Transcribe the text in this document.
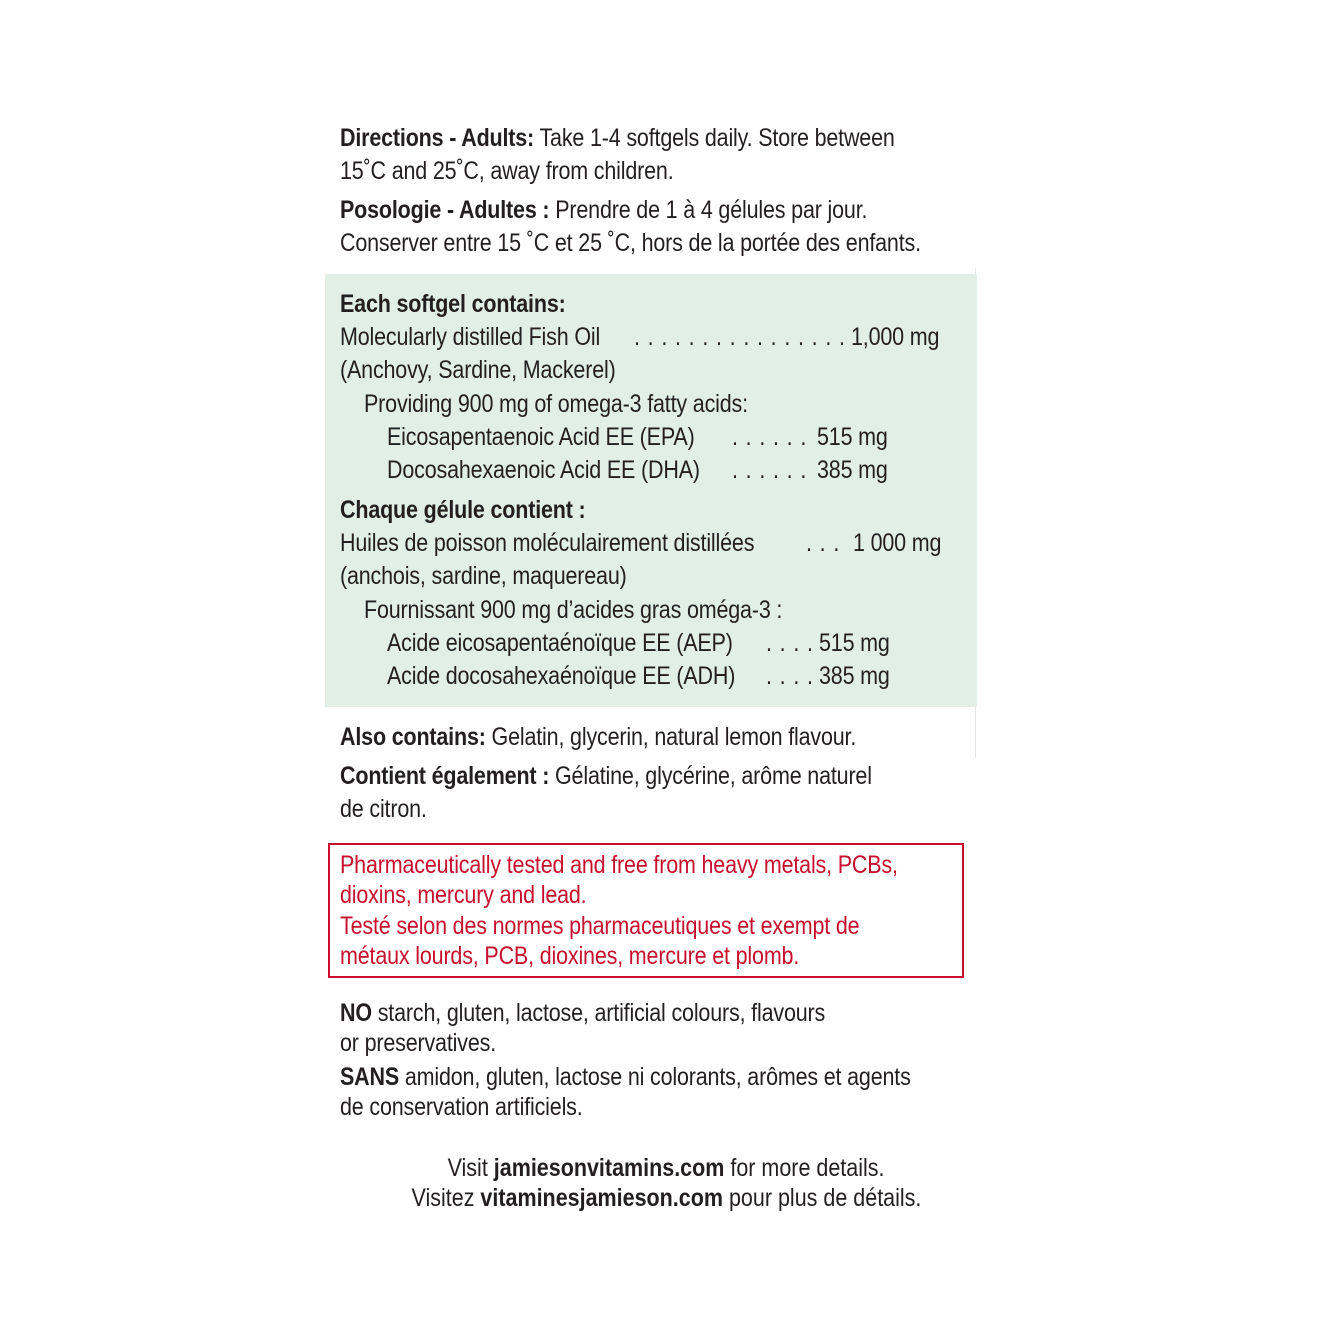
Directions - Adults: Take 1-4 softgels daily. Store between
15˚C and 25˚C, away from children.
Posologie - Adultes : Prendre de 1 à 4 gélules par jour.
Conserver entre 15 ˚C et 25 ˚C, hors de la portée des enfants.
Each softgel contains:
Molecularly distilled Fish Oil . . . . . . . . . . . . . . . . 1,000 mg
(Anchovy, Sardine, Mackerel)
Providing 900 mg of omega-3 fatty acids:
Eicosapentaenoic Acid EE (EPA) . . . . . . 515 mg
Docosahexaenoic Acid EE (DHA) . . . . . . 385 mg
Chaque gélule contient :
Huiles de poisson moléculairement distillées . . . 1 000 mg
(anchois, sardine, maquereau)
Fournissant 900 mg d’acides gras oméga-3 :
Acide eicosapentaénoïque EE (AEP) . . . . 515 mg
Acide docosahexaénoïque EE (ADH) . . . . 385 mg
Also contains: Gelatin, glycerin, natural lemon flavour.
Contient également : Gélatine, glycérine, arôme naturel
de citron.
Pharmaceutically tested and free from heavy metals, PCBs,
dioxins, mercury and lead.
Testé selon des normes pharmaceutiques et exempt de
métaux lourds, PCB, dioxines, mercure et plomb.
NO starch, gluten, lactose, artificial colours, flavours
or preservatives.
SANS amidon, gluten, lactose ni colorants, arômes et agents
de conservation artificiels.
Visit jamiesonvitamins.com for more details.
Visitez vitaminesjamieson.com pour plus de détails.
